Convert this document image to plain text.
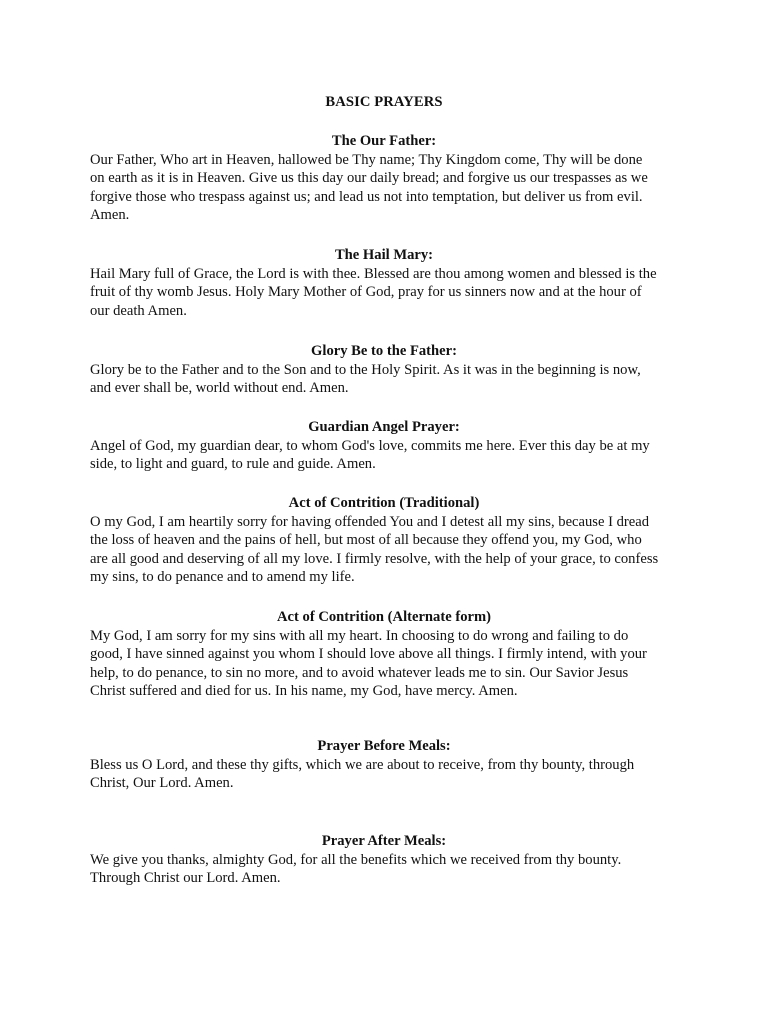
BASIC PRAYERS
The Our Father:
Our Father, Who art in Heaven, hallowed be Thy name; Thy Kingdom come, Thy will be done
on earth as it is in Heaven. Give us this day our daily bread; and forgive us our trespasses as we
forgive those who trespass against us; and lead us not into temptation, but deliver us from evil.
Amen.
The Hail Mary:
Hail Mary full of Grace, the Lord is with thee. Blessed are thou among women and blessed is the
fruit of thy womb Jesus. Holy Mary Mother of God, pray for us sinners now and at the hour of
our death Amen.
Glory Be to the Father:
Glory be to the Father and to the Son and to the Holy Spirit. As it was in the beginning is now,
and ever shall be, world without end. Amen.
Guardian Angel Prayer:
Angel of God, my guardian dear, to whom God's love, commits me here. Ever this day be at my
side, to light and guard, to rule and guide. Amen.
Act of Contrition (Traditional)
O my God, I am heartily sorry for having offended You and I detest all my sins, because I dread
the loss of heaven and the pains of hell, but most of all because they offend you, my God, who
are all good and deserving of all my love. I firmly resolve, with the help of your grace, to confess
my sins, to do penance and to amend my life.
Act of Contrition (Alternate form)
My God, I am sorry for my sins with all my heart. In choosing to do wrong and failing to do
good, I have sinned against you whom I should love above all things. I firmly intend, with your
help, to do penance, to sin no more, and to avoid whatever leads me to sin. Our Savior Jesus
Christ suffered and died for us. In his name, my God, have mercy. Amen.
Prayer Before Meals:
Bless us O Lord, and these thy gifts, which we are about to receive, from thy bounty, through
Christ, Our Lord. Amen.
Prayer After Meals:
We give you thanks, almighty God, for all the benefits which we received from thy bounty.
Through Christ our Lord. Amen.
